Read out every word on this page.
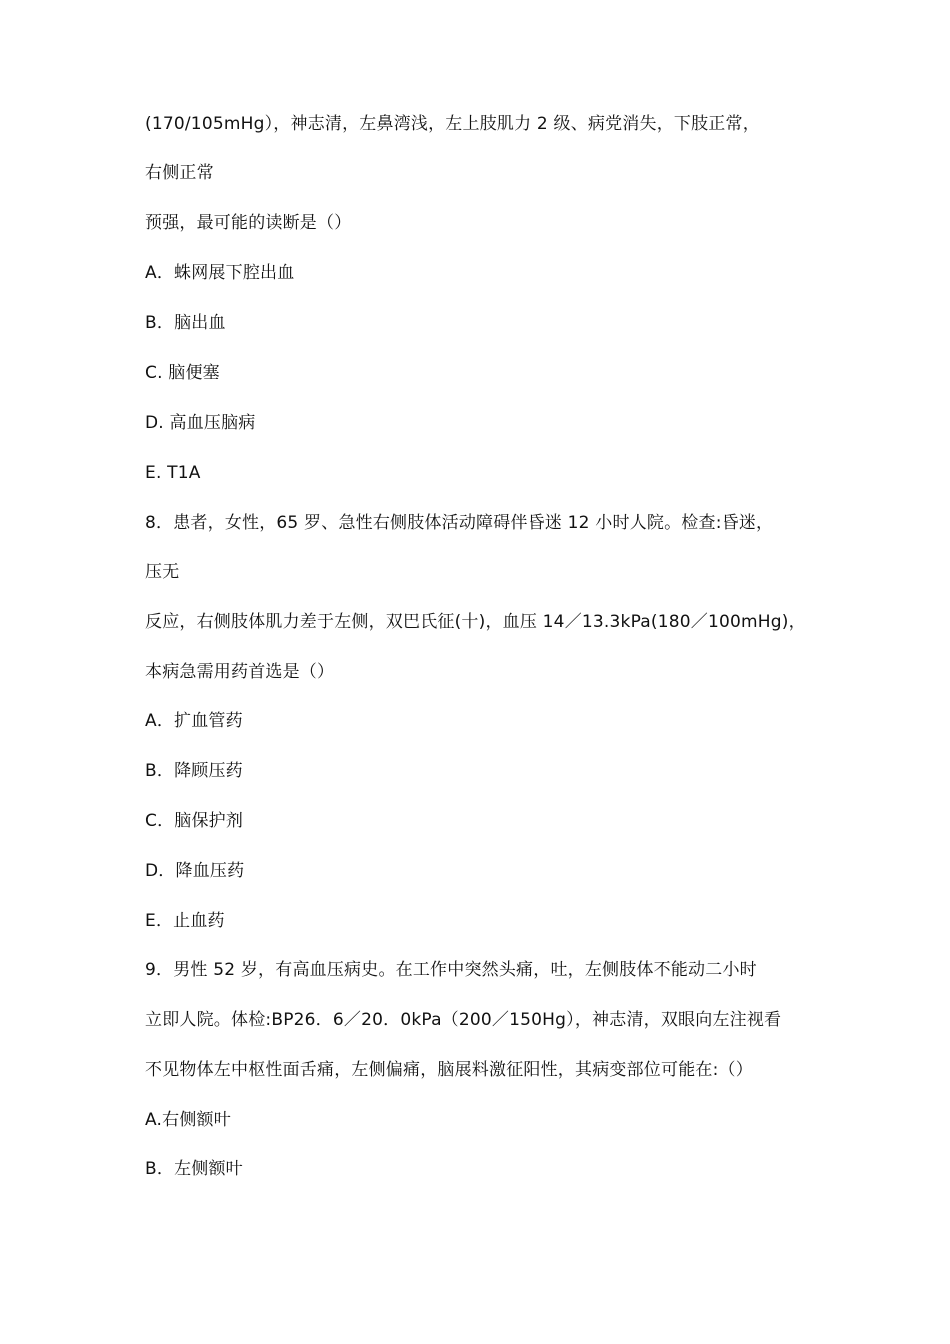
(170/105mHg），神志清，左鼻湾浅，左上肢肌力 2 级、病党消失，下肢正常，
右侧正常
预强，最可能的读断是（）
A．蛛网展下腔出血
B．脑出血
C. 脑便塞
D. 高血压脑病
E. T1A
8．患者，女性，65 罗、急性右侧肢体活动障碍伴昏迷 12 小时人院。检查:昏迷，
压无
反应，右侧肢体肌力差于左侧，双巴氏征(十)，血压 14／13.3kPa(180／100mHg)，
本病急需用药首选是（）
A．扩血管药
B．降顾压药
C．脑保护剂
D．降血压药
E．止血药
9．男性 52 岁，有高血压病史。在工作中突然头痛，吐，左侧肢体不能动二小时
立即人院。体检:BP26．6／20．0kPa（200／150Hg），神志清，双眼向左注视看
不见物体左中枢性面舌痛，左侧偏痛，脑展料激征阳性，其病变部位可能在:（）
A.右侧额叶
B．左侧额叶
